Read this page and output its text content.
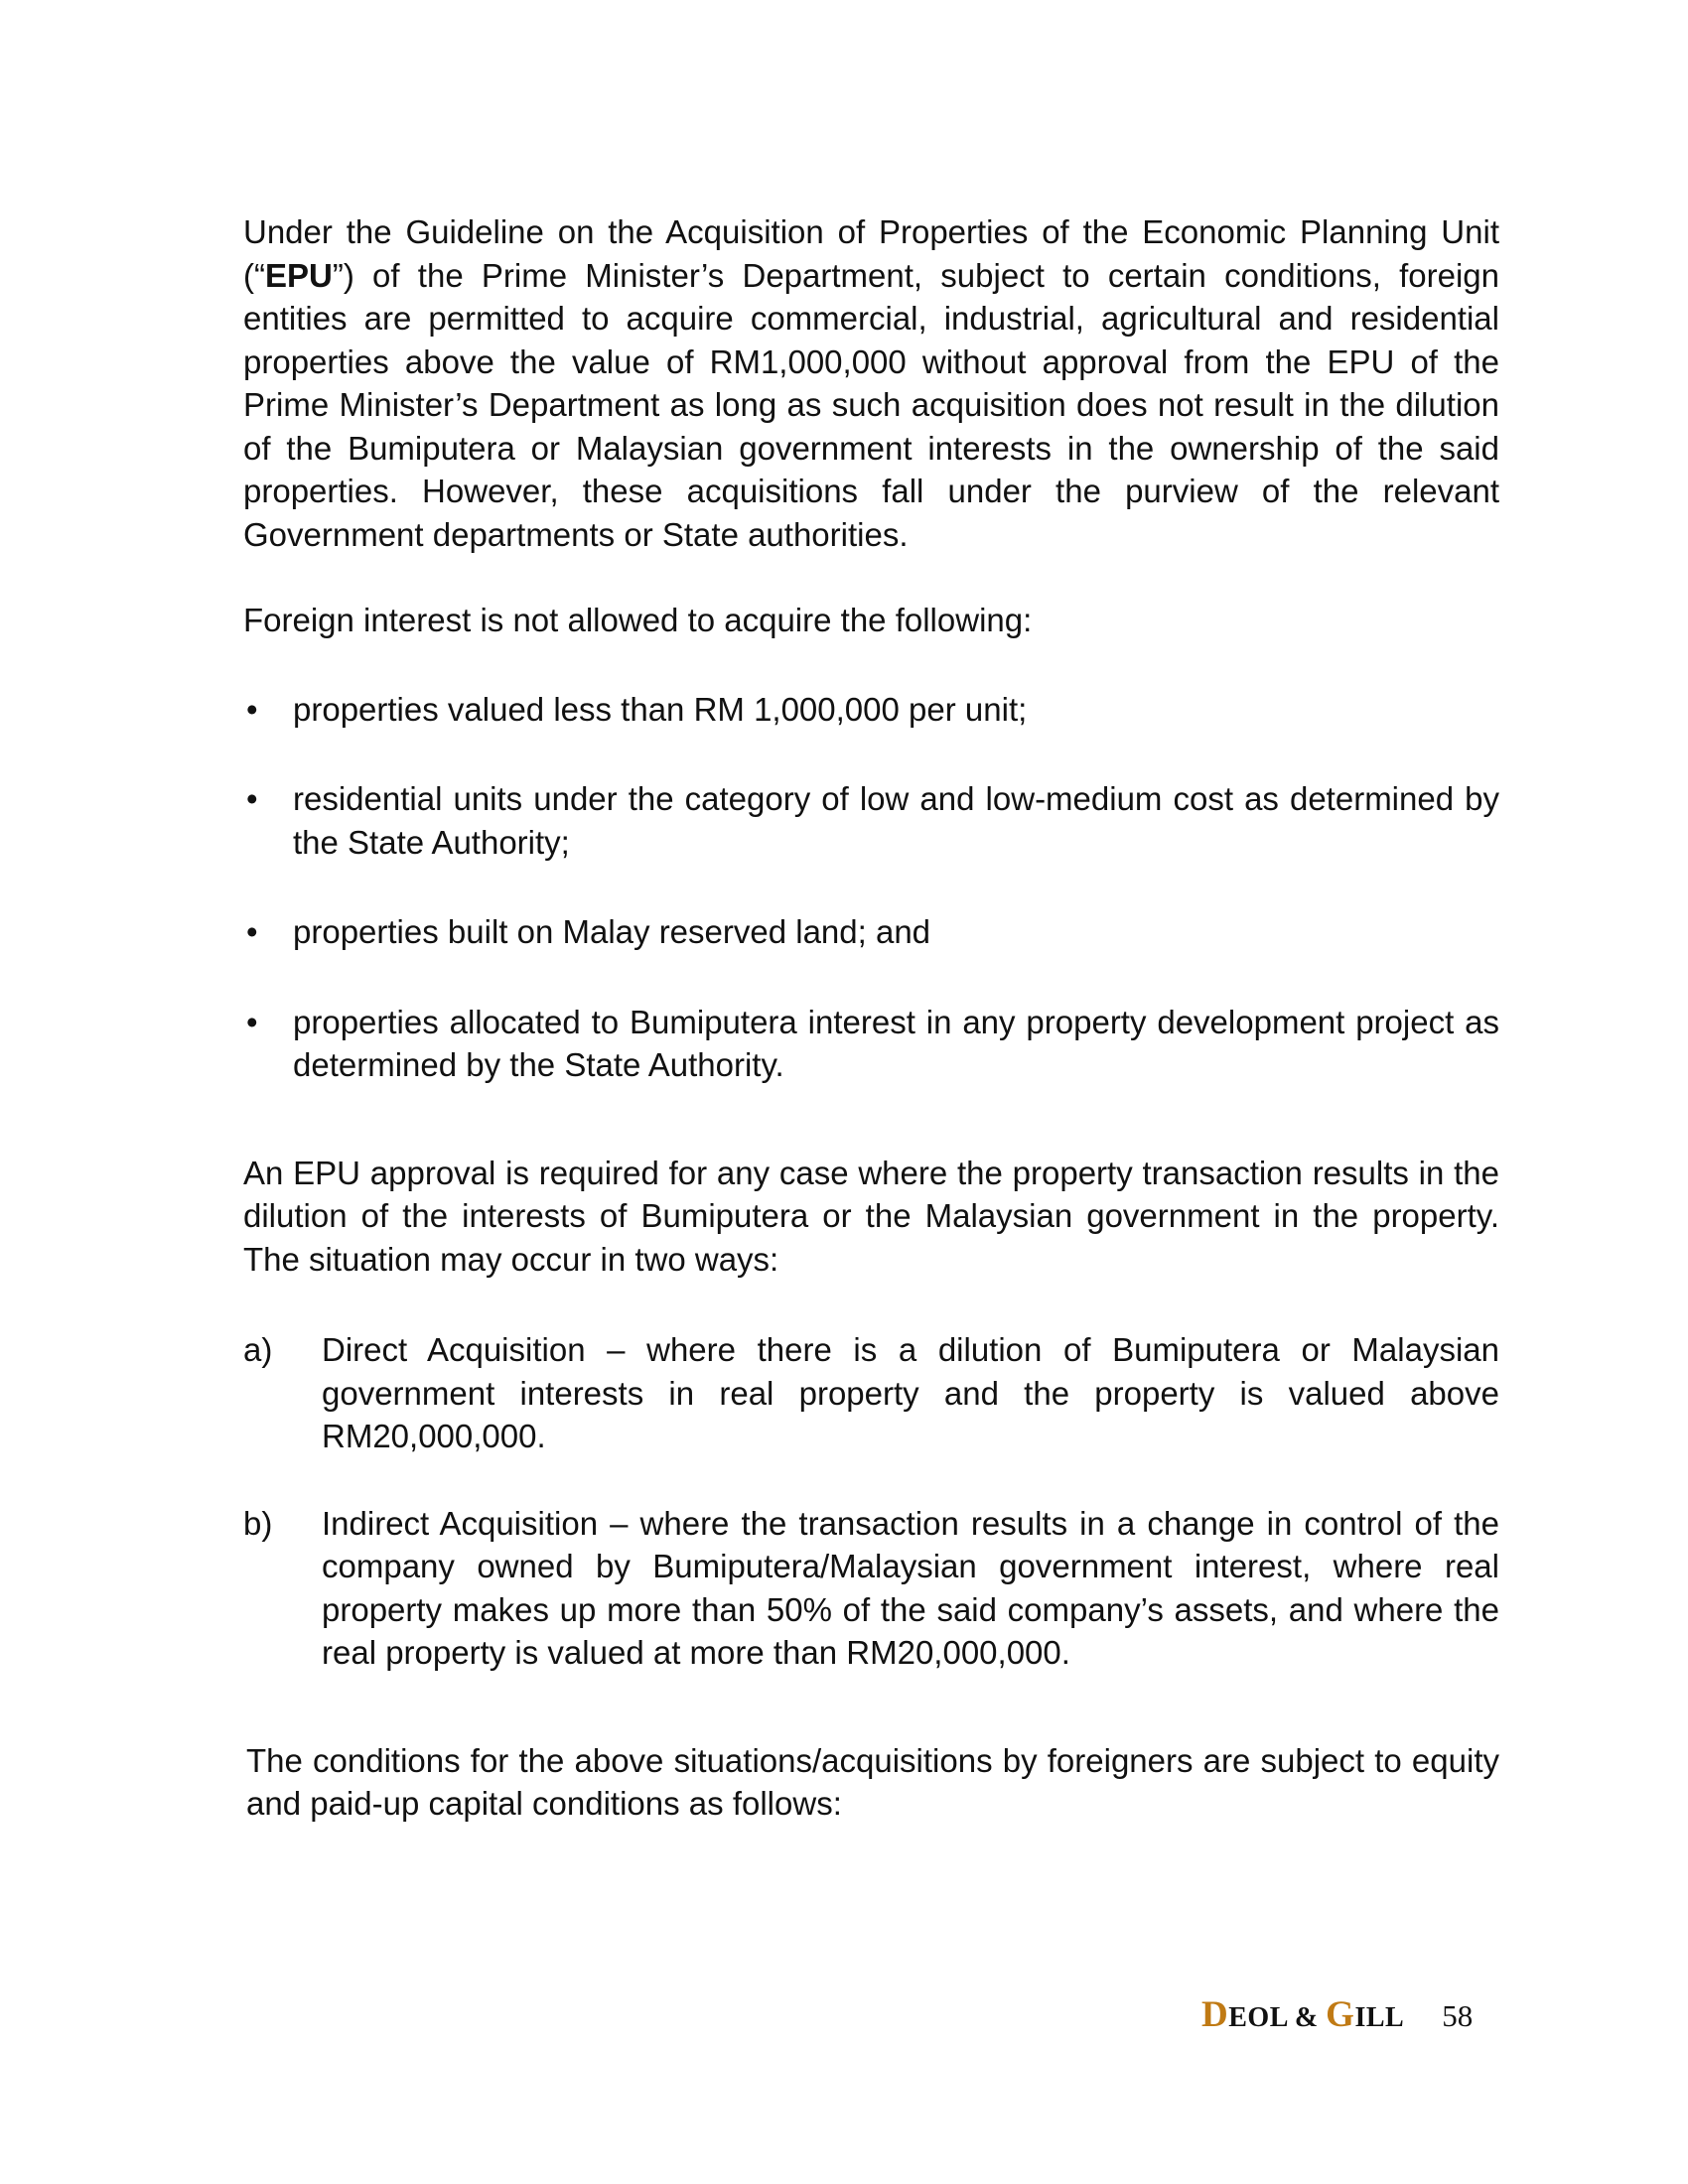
Under the Guideline on the Acquisition of Properties of the Economic Planning Unit (“EPU”) of the Prime Minister’s Department, subject to certain conditions, foreign entities are permitted to acquire commercial, industrial, agricultural and residential properties above the value of RM1,000,000 without approval from the EPU of the Prime Minister’s Department as long as such acquisition does not result in the dilution of the Bumiputera or Malaysian government interests in the ownership of the said properties. However, these acquisitions fall under the purview of the relevant Government departments or State authorities.

Foreign interest is not allowed to acquire the following:

• properties valued less than RM 1,000,000 per unit;
• residential units under the category of low and low-medium cost as determined by the State Authority;
• properties built on Malay reserved land; and
• properties allocated to Bumiputera interest in any property development project as determined by the State Authority.

An EPU approval is required for any case where the property transaction results in the dilution of the interests of Bumiputera or the Malaysian government in the property. The situation may occur in two ways:

a) Direct Acquisition – where there is a dilution of Bumiputera or Malaysian government interests in real property and the property is valued above RM20,000,000.
b) Indirect Acquisition – where the transaction results in a change in control of the company owned by Bumiputera/Malaysian government interest, where real property makes up more than 50% of the said company’s assets, and where the real property is valued at more than RM20,000,000.

The conditions for the above situations/acquisitions by foreigners are subject to equity and paid-up capital conditions as follows:

DEOL & GILL 58
